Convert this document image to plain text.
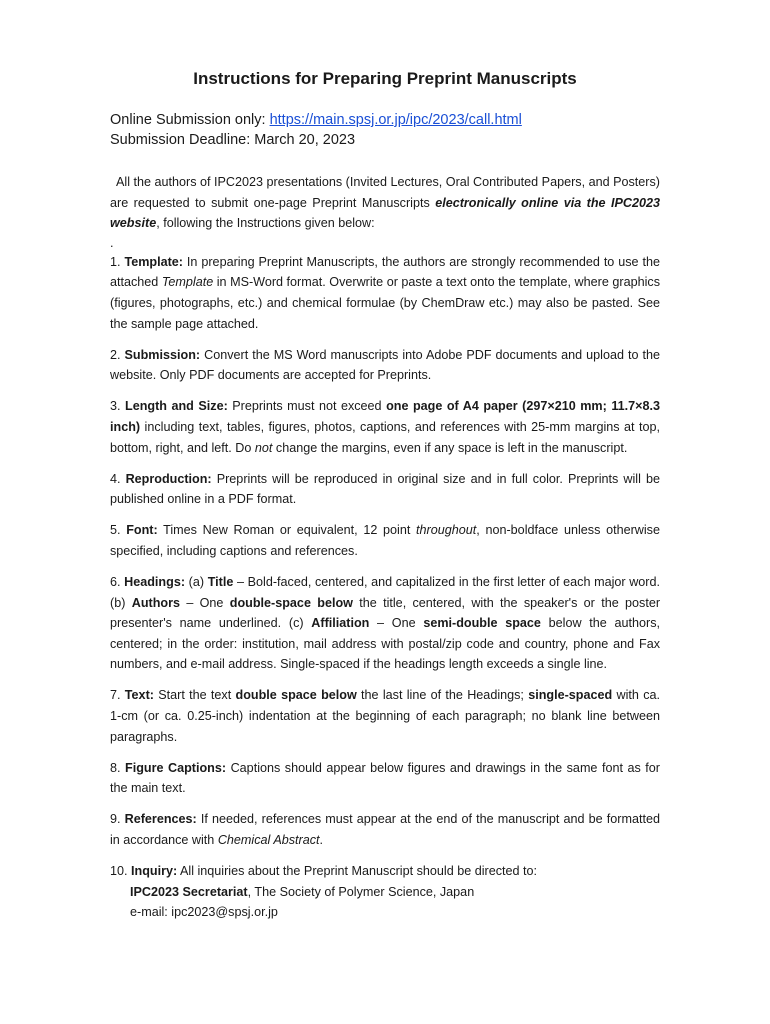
Instructions for Preparing Preprint Manuscripts

Online Submission only: https://main.spsj.or.jp/ipc/2023/call.html

Submission Deadline: March 20, 2023

All the authors of IPC2023 presentations (Invited Lectures, Oral Contributed Papers, and Posters) are requested to submit one-page Preprint Manuscripts electronically online via the IPC2023 website, following the Instructions given below:

.

1. Template: In preparing Preprint Manuscripts, the authors are strongly recommended to use the attached Template in MS-Word format. Overwrite or paste a text onto the template, where graphics (figures, photographs, etc.) and chemical formulae (by ChemDraw etc.) may also be pasted. See the sample page attached.

2. Submission: Convert the MS Word manuscripts into Adobe PDF documents and upload to the website. Only PDF documents are accepted for Preprints.

3. Length and Size: Preprints must not exceed one page of A4 paper (297×210 mm; 11.7×8.3 inch) including text, tables, figures, photos, captions, and references with 25-mm margins at top, bottom, right, and left. Do not change the margins, even if any space is left in the manuscript.

4. Reproduction: Preprints will be reproduced in original size and in full color. Preprints will be published online in a PDF format.

5. Font: Times New Roman or equivalent, 12 point throughout, non-boldface unless otherwise specified, including captions and references.

6. Headings: (a) Title – Bold-faced, centered, and capitalized in the first letter of each major word. (b) Authors – One double-space below the title, centered, with the speaker's or the poster presenter's name underlined. (c) Affiliation – One semi-double space below the authors, centered; in the order: institution, mail address with postal/zip code and country, phone and Fax numbers, and e-mail address. Single-spaced if the headings length exceeds a single line.

7. Text: Start the text double space below the last line of the Headings; single-spaced with ca. 1-cm (or ca. 0.25-inch) indentation at the beginning of each paragraph; no blank line between paragraphs.

8. Figure Captions: Captions should appear below figures and drawings in the same font as for the main text.

9. References: If needed, references must appear at the end of the manuscript and be formatted in accordance with Chemical Abstract.

10. Inquiry: All inquiries about the Preprint Manuscript should be directed to:

IPC2023 Secretariat, The Society of Polymer Science, Japan
e-mail: ipc2023@spsj.or.jp
